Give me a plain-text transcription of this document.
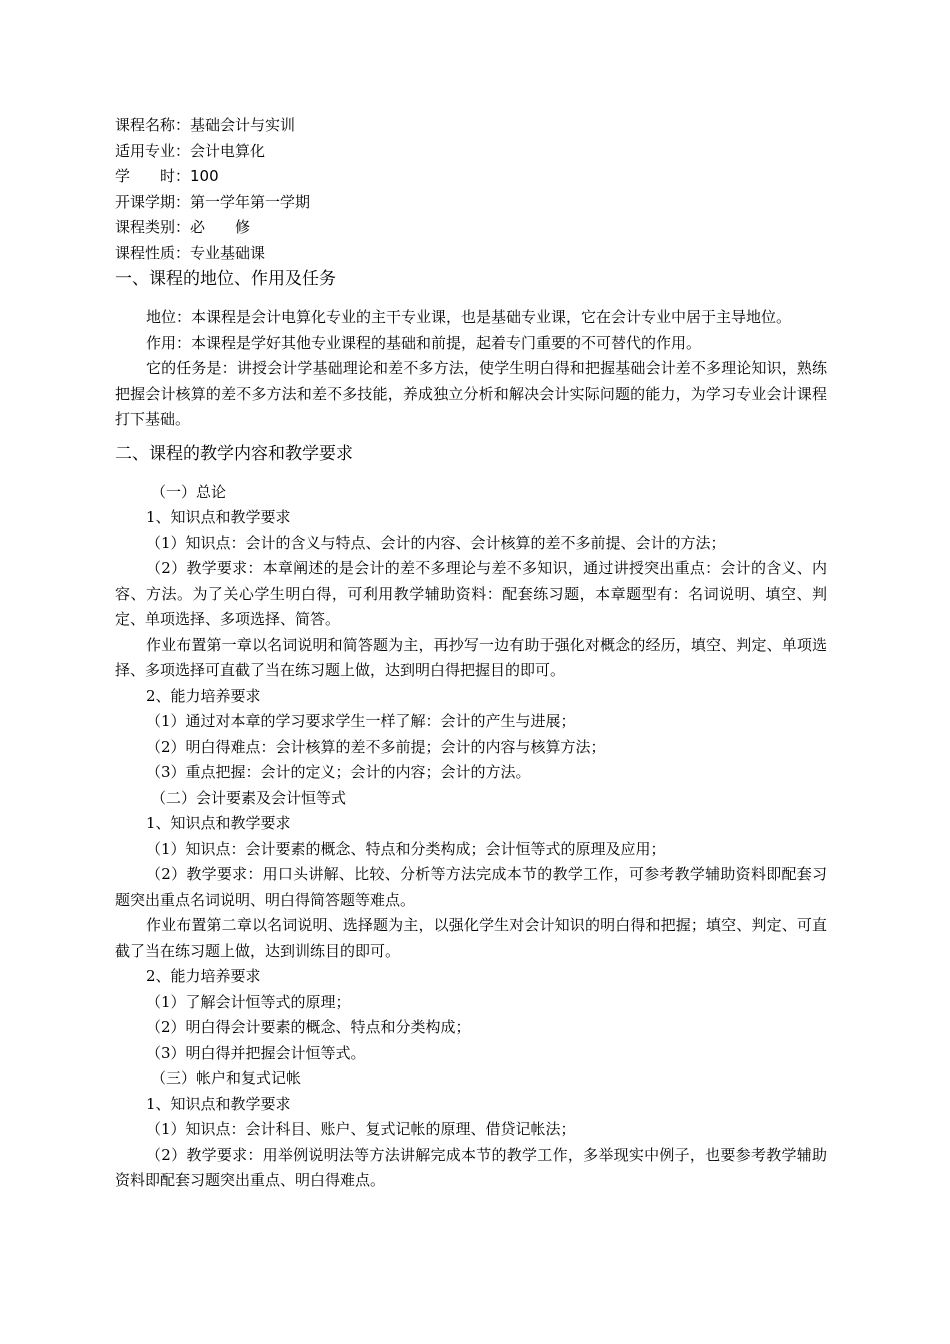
课程名称：基础会计与实训
适用专业：会计电算化
学　　时：100
开课学期：第一学年第一学期
课程类别：必　　修
课程性质：专业基础课
一、课程的地位、作用及任务
地位：本课程是会计电算化专业的主干专业课，也是基础专业课，它在会计专业中居于主导地位。
作用：本课程是学好其他专业课程的基础和前提，起着专门重要的不可替代的作用。
它的任务是：讲授会计学基础理论和差不多方法，使学生明白得和把握基础会计差不多理论知识，熟练把握会计核算的差不多方法和差不多技能，养成独立分析和解决会计实际问题的能力，为学习专业会计课程打下基础。
二、课程的教学内容和教学要求
（一）总论
1、知识点和教学要求
（1）知识点：会计的含义与特点、会计的内容、会计核算的差不多前提、会计的方法；
（2）教学要求：本章阐述的是会计的差不多理论与差不多知识，通过讲授突出重点：会计的含义、内容、方法。为了关心学生明白得，可利用教学辅助资料：配套练习题，本章题型有：名词说明、填空、判定、单项选择、多项选择、简答。
作业布置第一章以名词说明和简答题为主，再抄写一边有助于强化对概念的经历，填空、判定、单项选择、多项选择可直截了当在练习题上做，达到明白得把握目的即可。
2、能力培养要求
（1）通过对本章的学习要求学生一样了解：会计的产生与进展；
（2）明白得难点：会计核算的差不多前提；会计的内容与核算方法；
（3）重点把握：会计的定义；会计的内容；会计的方法。
（二）会计要素及会计恒等式
1、知识点和教学要求
（1）知识点：会计要素的概念、特点和分类构成；会计恒等式的原理及应用；
（2）教学要求：用口头讲解、比较、分析等方法完成本节的教学工作，可参考教学辅助资料即配套习题突出重点名词说明、明白得简答题等难点。
作业布置第二章以名词说明、选择题为主，以强化学生对会计知识的明白得和把握；填空、判定、可直截了当在练习题上做，达到训练目的即可。
2、能力培养要求
（1）了解会计恒等式的原理；
（2）明白得会计要素的概念、特点和分类构成；
（3）明白得并把握会计恒等式。
（三）帐户和复式记帐
1、知识点和教学要求
（1）知识点：会计科目、账户、复式记帐的原理、借贷记帐法；
（2）教学要求：用举例说明法等方法讲解完成本节的教学工作，多举现实中例子，也要参考教学辅助资料即配套习题突出重点、明白得难点。
